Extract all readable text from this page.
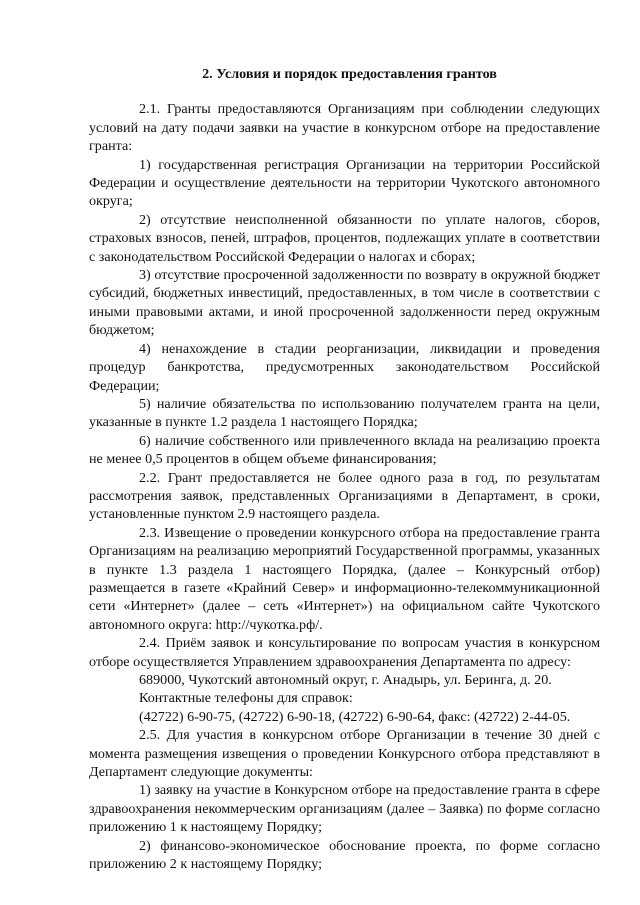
2. Условия и порядок предоставления грантов

2.1. Гранты предоставляются Организациям при соблюдении следующих условий на дату подачи заявки на участие в конкурсном отборе на предоставление гранта:

1) государственная регистрация Организации на территории Российской Федерации и осуществление деятельности на территории Чукотского автономного округа;

2) отсутствие неисполненной обязанности по уплате налогов, сборов, страховых взносов, пеней, штрафов, процентов, подлежащих уплате в соответствии с законодательством Российской Федерации о налогах и сборах;

3) отсутствие просроченной задолженности по возврату в окружной бюджет субсидий, бюджетных инвестиций, предоставленных, в том числе в соответствии с иными правовыми актами, и иной просроченной задолженности перед окружным бюджетом;

4) ненахождение в стадии реорганизации, ликвидации и проведения процедур банкротства, предусмотренных законодательством Российской Федерации;

5) наличие обязательства по использованию получателем гранта на цели, указанные в пункте 1.2 раздела 1 настоящего Порядка;

6) наличие собственного или привлеченного вклада на реализацию проекта не менее 0,5 процентов в общем объеме финансирования;

2.2. Грант предоставляется не более одного раза в год, по результатам рассмотрения заявок, представленных Организациями в Департамент, в сроки, установленные пунктом 2.9 настоящего раздела.

2.3. Извещение о проведении конкурсного отбора на предоставление гранта Организациям на реализацию мероприятий Государственной программы, указанных в пункте 1.3 раздела 1 настоящего Порядка, (далее – Конкурсный отбор) размещается в газете «Крайний Север» и информационно-телекоммуникационной сети «Интернет» (далее – сеть «Интернет») на официальном сайте Чукотского автономного округа: http://чукотка.рф/.

2.4. Приём заявок и консультирование по вопросам участия в конкурсном отборе осуществляется Управлением здравоохранения Департамента по адресу:

689000, Чукотский автономный округ, г. Анадырь, ул. Беринга, д. 20.

Контактные телефоны для справок:

(42722) 6-90-75, (42722) 6-90-18, (42722) 6-90-64, факс: (42722) 2-44-05.

2.5. Для участия в конкурсном отборе Организации в течение 30 дней с момента размещения извещения о проведении Конкурсного отбора представляют в Департамент следующие документы:

1) заявку на участие в Конкурсном отборе на предоставление гранта в сфере здравоохранения некоммерческим организациям (далее – Заявка) по форме согласно приложению 1 к настоящему Порядку;

2) финансово-экономическое обоснование проекта, по форме согласно приложению 2 к настоящему Порядку;
